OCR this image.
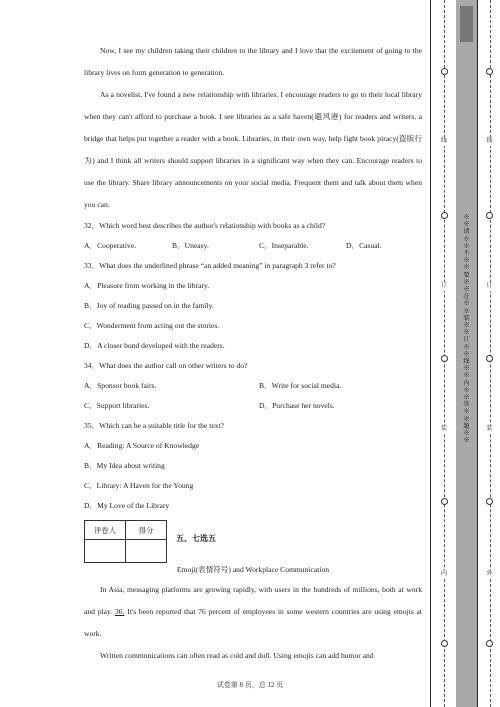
Now, I see my children taking their children to the library and I love that the excitement of going to the library lives on form generation to generation.

As a novelist, I've found a new relationship with libraries. I encourage readers to go to their local library when they can't afford to purchase a book. I see libraries as a safe haven(避风港) for readers and writers, a bridge that helps put together a reader with a book. Libraries, in their own way, help fight book piracy(盗版行为) and I think all writers should support libraries in a significant way when they can. Encourage readers to use the library. Share library announcements on your social media. Frequent them and talk about them when you can.

32．Which word best describes the author's relationship with books as a child?

A．Cooperative.	B．Uneasy.	C．Inseparable.	D．Casual.

33．What does the underlined phrase “an added meaning” in paragraph 3 refer to?

A．Pleasure from working in the library.

B．Joy of reading passed on in the family.

C．Wonderment from acting out the stories.

D．A closer bond developed with the readers.

34．What does the author call on other writers to do?

A．Sponsor book fairs.	B．Write for social media.
C．Support libraries.	D．Purchase her novels.

35．Which can be a suitable title for the text?

A．Reading: A Source of Knowledge

B．My Idea about writing

C．Library: A Haven for the Young

D．My Love of the Library

评卷人	得分

五、七选五
Emoji(表情符号) and Workplace Communication

In Asia, messaging platforms are growing rapidly, with users in the hundreds of millions, both at work and play. 36. It's been reported that 76 percent of employees in some western countries are using emojis at work.

Written communications can often read as cold and dull. Using emojis can add humor and

试卷第 8 页，总 12 页
线
订
装
内
※※请※※不※※要※※在※※装※※订※※线※※内※※答※※题※※
线
订
装
外
